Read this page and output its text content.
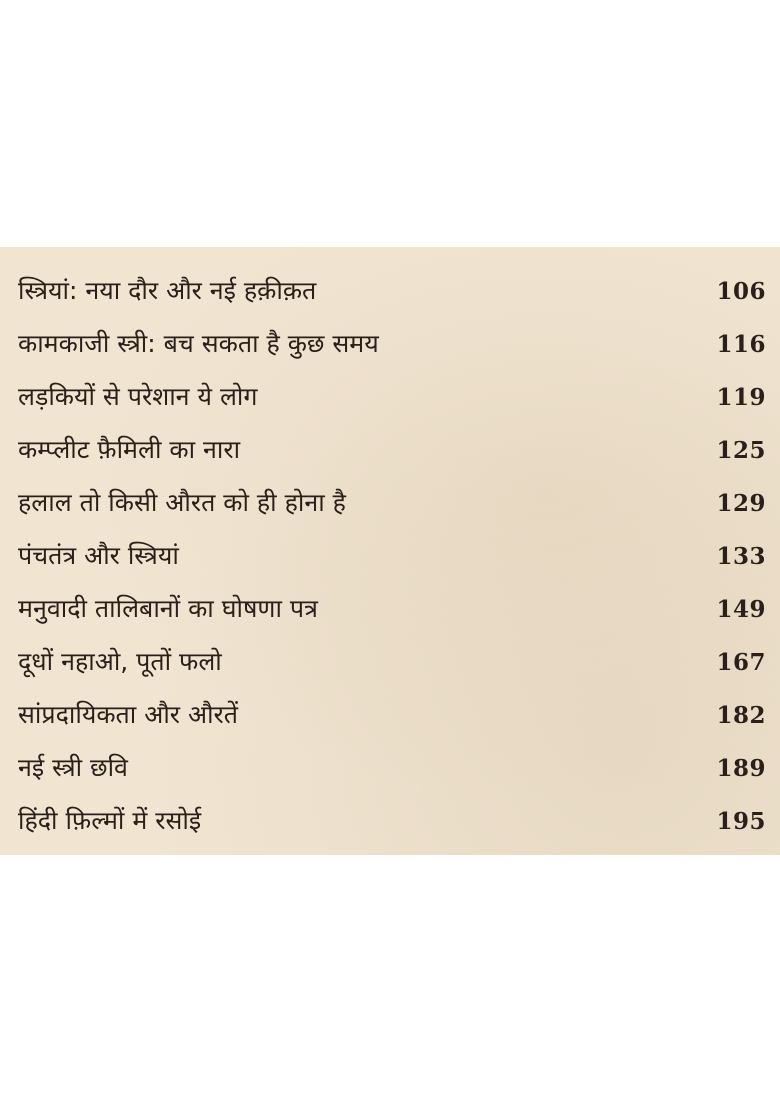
स्त्रियां: नया दौर और नई हक़ीक़त	106
कामकाजी स्त्री: बच सकता है कुछ समय	116
लड़कियों से परेशान ये लोग	119
कम्प्लीट फ़ैमिली का नारा	125
हलाल तो किसी औरत को ही होना है	129
पंचतंत्र और स्त्रियां	133
मनुवादी तालिबानों का घोषणा पत्र	149
दूधों नहाओ, पूतों फलो	167
सांप्रदायिकता और औरतें	182
नई स्त्री छवि	189
हिंदी फ़िल्मों में रसोई	195
